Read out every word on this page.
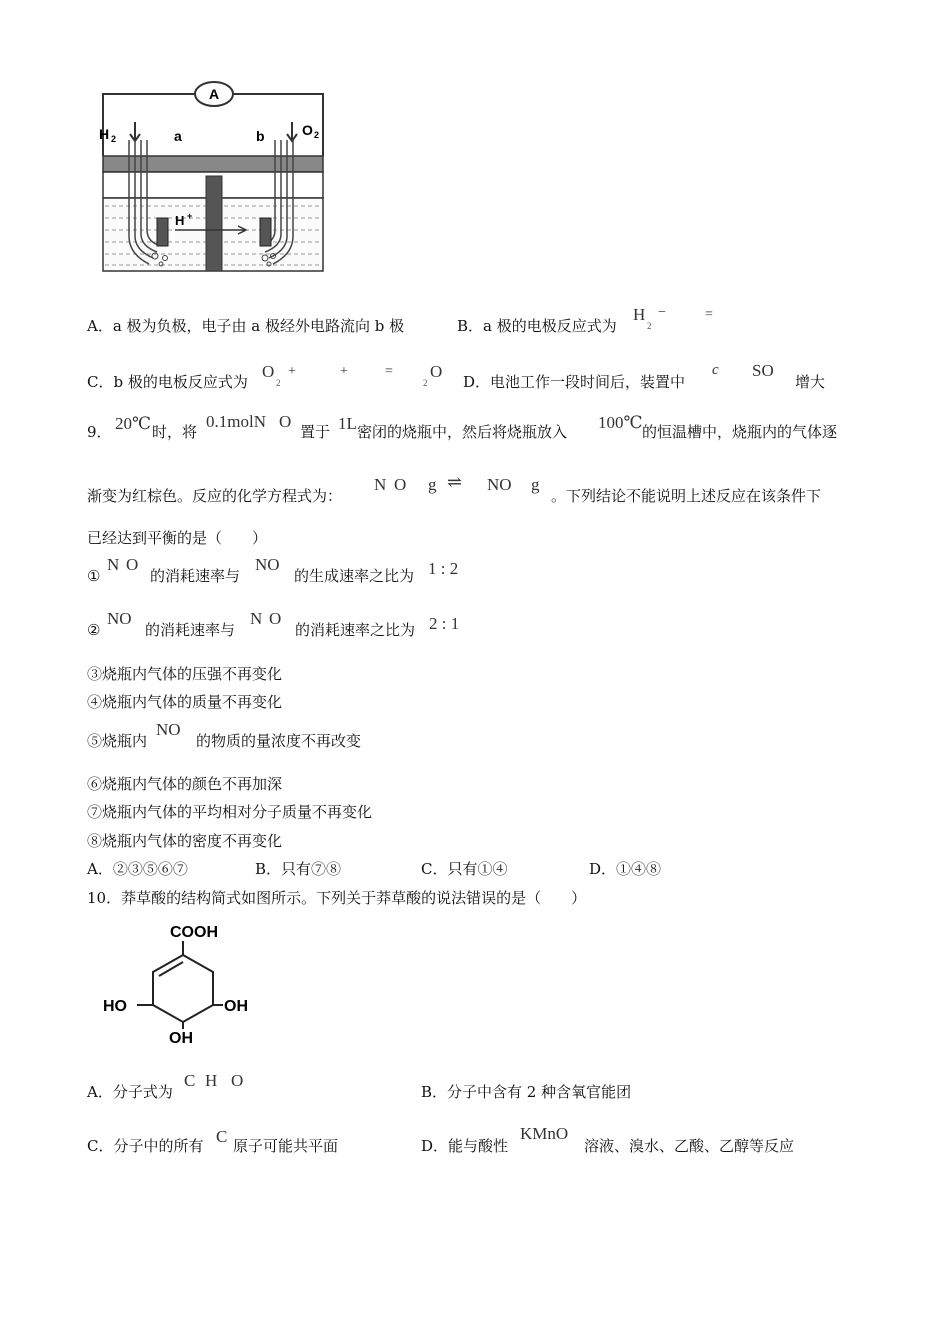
A
H 2
O 2
a	b
H +
A．a 极为负极，电子由 a 极经外电路流向 b 极	B．a 极的电极反应式为
H
2
−	=
C．b 极的电板反应式为
O
2
+	+	=
2
O
D．电池工作一段时间后，装置中
c SO
增大
9． 20℃ 时，将
0.1molN O
置于 1L 密闭的烧瓶中，然后将烧瓶放入 100℃ 的恒温槽中，烧瓶内的气体逐
渐变为红棕色。反应的化学方程式为：
N O g ⇌ NO g
。下列结论不能说明上述反应在该条件下
已经达到平衡的是（　　）
①
N O
的消耗速率与
NO
的生成速率之比为 1 : 2
②
NO
的消耗速率与
N O
的消耗速率之比为 2 : 1
③烧瓶内气体的压强不再变化
④烧瓶内气体的质量不再变化
⑤烧瓶内
NO
的物质的量浓度不再改变
⑥烧瓶内气体的颜色不再加深
⑦烧瓶内气体的平均相对分子质量不再变化
⑧烧瓶内气体的密度不再变化
A．②③⑤⑥⑦	B．只有⑦⑧	C．只有①④	D．①④⑧
10．莽草酸的结构简式如图所示。下列关于莽草酸的说法错误的是（　　）
COOH
HO	OH
OH
A．分子式为
C H O
B．分子中含有 2 种含氧官能团
C．分子中的所有 C 原子可能共平面	D．能与酸性
KMnO
溶液、溴水、乙酸、乙醇等反应
